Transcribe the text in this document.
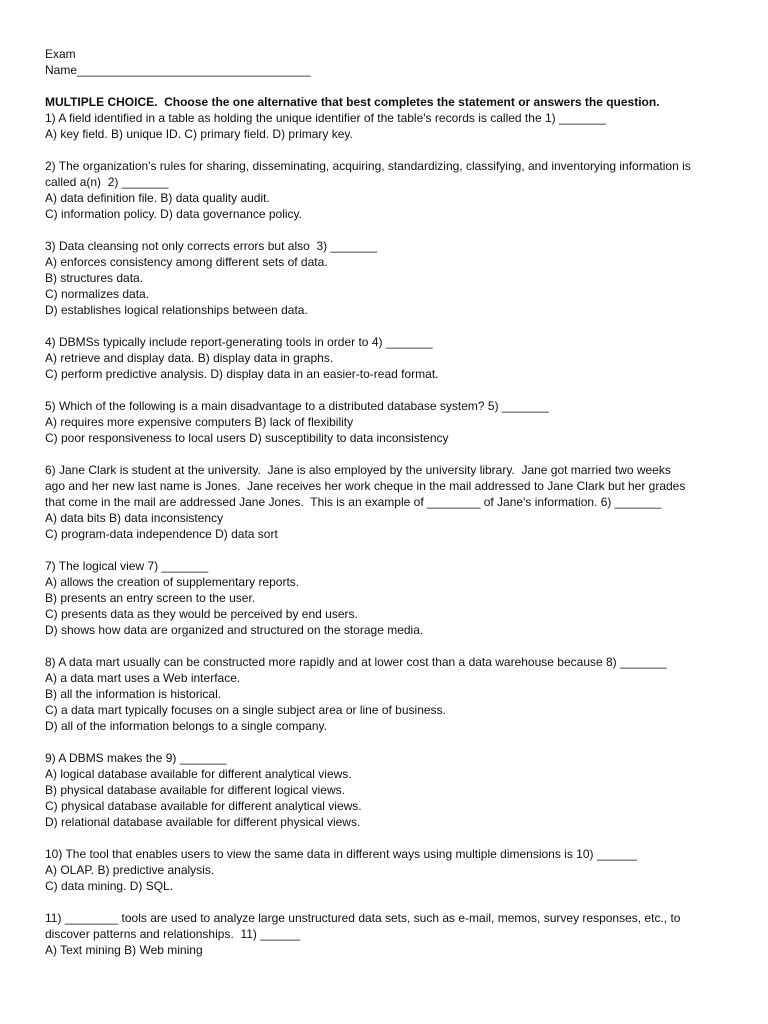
Exam
Name___________________________________
MULTIPLE CHOICE.  Choose the one alternative that best completes the statement or answers the question.
1) A field identified in a table as holding the unique identifier of the table's records is called the 1) _______
A) key field. B) unique ID. C) primary field. D) primary key.
2) The organization's rules for sharing, disseminating, acquiring, standardizing, classifying, and inventorying information is
called a(n)  2) _______
A) data definition file. B) data quality audit.
C) information policy. D) data governance policy.
3) Data cleansing not only corrects errors but also  3) _______
A) enforces consistency among different sets of data.
B) structures data.
C) normalizes data.
D) establishes logical relationships between data.
4) DBMSs typically include report-generating tools in order to 4) _______
A) retrieve and display data. B) display data in graphs.
C) perform predictive analysis. D) display data in an easier-to-read format.
5) Which of the following is a main disadvantage to a distributed database system? 5) _______
A) requires more expensive computers B) lack of flexibility
C) poor responsiveness to local users D) susceptibility to data inconsistency
6) Jane Clark is student at the university.  Jane is also employed by the university library.  Jane got married two weeks
ago and her new last name is Jones.  Jane receives her work cheque in the mail addressed to Jane Clark but her grades
that come in the mail are addressed Jane Jones.  This is an example of ________ of Jane's information. 6) _______
A) data bits B) data inconsistency
C) program-data independence D) data sort
7) The logical view 7) _______
A) allows the creation of supplementary reports.
B) presents an entry screen to the user.
C) presents data as they would be perceived by end users.
D) shows how data are organized and structured on the storage media.
8) A data mart usually can be constructed more rapidly and at lower cost than a data warehouse because 8) _______
A) a data mart uses a Web interface.
B) all the information is historical.
C) a data mart typically focuses on a single subject area or line of business.
D) all of the information belongs to a single company.
9) A DBMS makes the 9) _______
A) logical database available for different analytical views.
B) physical database available for different logical views.
C) physical database available for different analytical views.
D) relational database available for different physical views.
10) The tool that enables users to view the same data in different ways using multiple dimensions is 10) ______
A) OLAP. B) predictive analysis.
C) data mining. D) SQL.
11) ________ tools are used to analyze large unstructured data sets, such as e-mail, memos, survey responses, etc., to
discover patterns and relationships.  11) ______
A) Text mining B) Web mining
